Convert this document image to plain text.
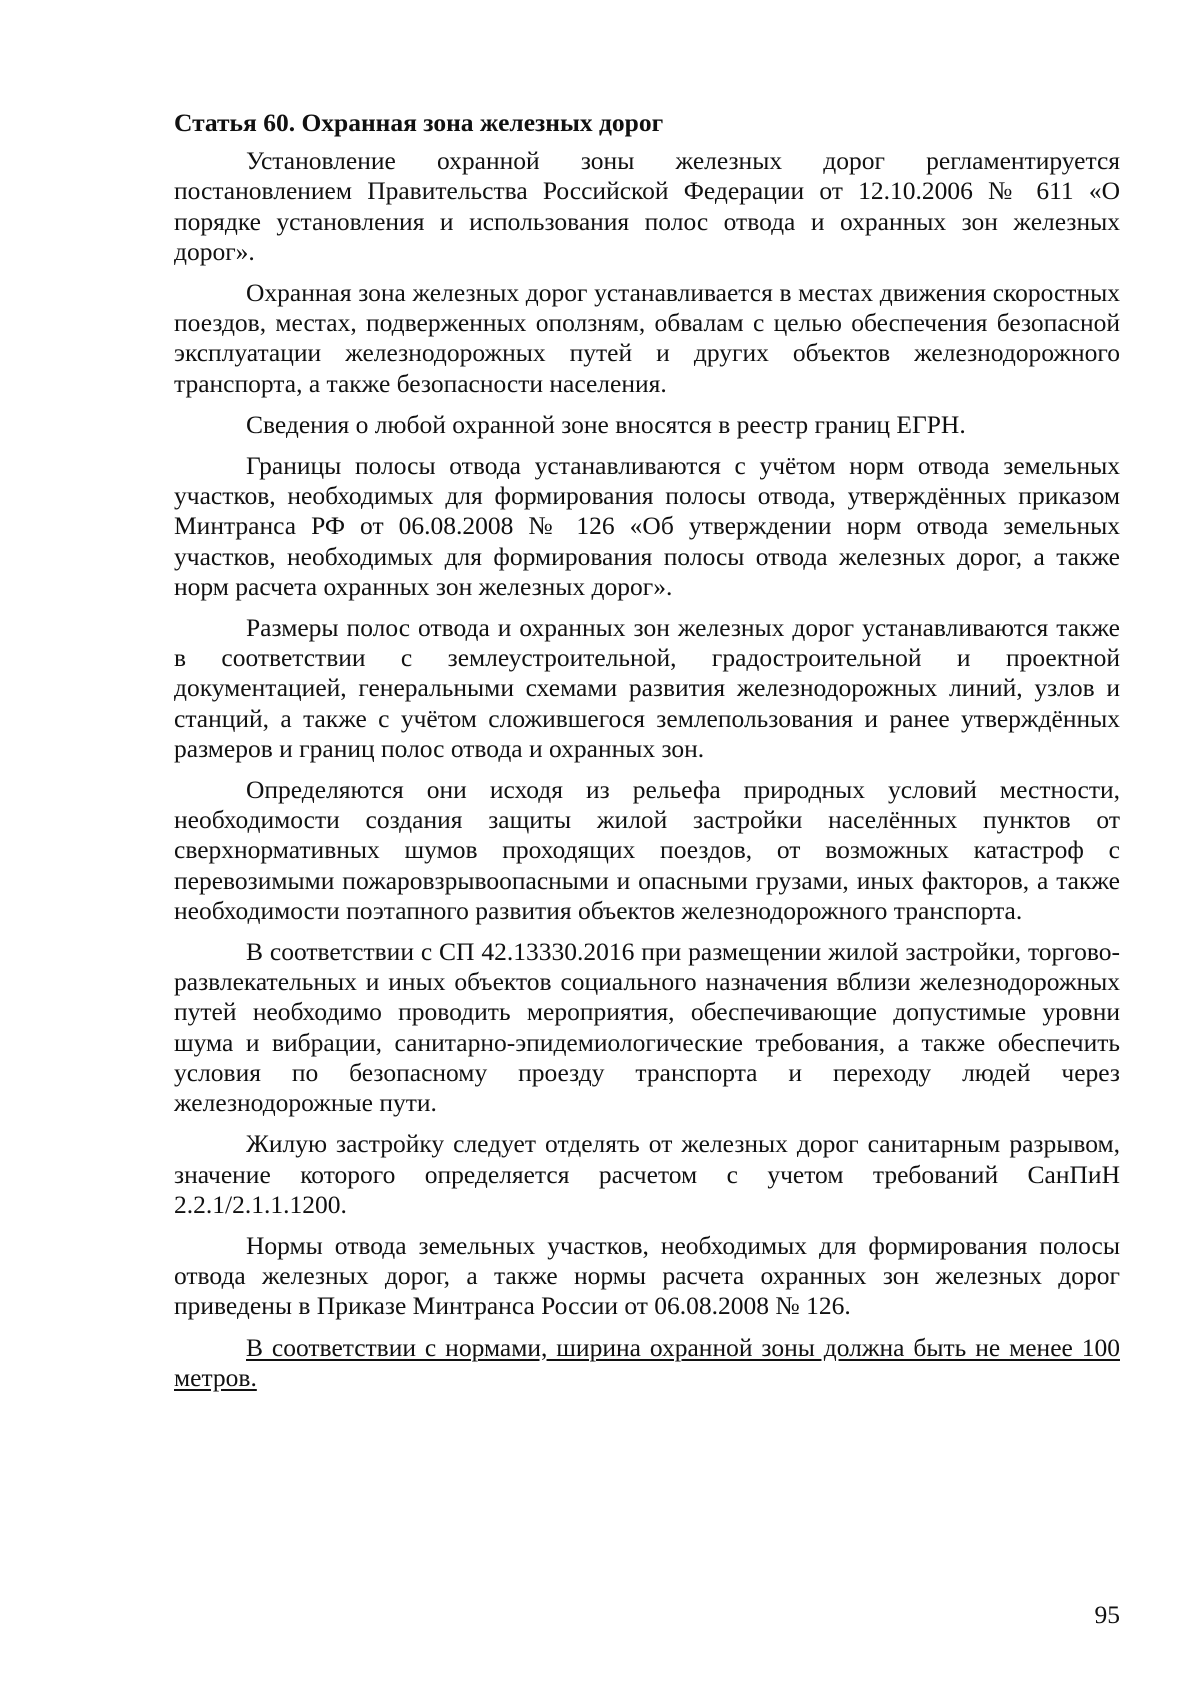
Статья 60. Охранная зона железных дорог

Установление охранной зоны железных дорог регламентируется постановлением Правительства Российской Федерации от 12.10.2006 № 611 «О порядке установления и использования полос отвода и охранных зон железных дорог».

Охранная зона железных дорог устанавливается в местах движения скоростных поездов, местах, подверженных оползням, обвалам с целью обеспечения безопасной эксплуатации железнодорожных путей и других объектов железнодорожного транспорта, а также безопасности населения.

Сведения о любой охранной зоне вносятся в реестр границ ЕГРН.

Границы полосы отвода устанавливаются с учётом норм отвода земельных участков, необходимых для формирования полосы отвода, утверждённых приказом Минтранса РФ от 06.08.2008 № 126 «Об утверждении норм отвода земельных участков, необходимых для формирования полосы отвода железных дорог, а также норм расчета охранных зон железных дорог».

Размеры полос отвода и охранных зон железных дорог устанавливаются также в соответствии с землеустроительной, градостроительной и проектной документацией, генеральными схемами развития железнодорожных линий, узлов и станций, а также с учётом сложившегося землепользования и ранее утверждённых размеров и границ полос отвода и охранных зон.

Определяются они исходя из рельефа природных условий местности, необходимости создания защиты жилой застройки населённых пунктов от сверхнормативных шумов проходящих поездов, от возможных катастроф с перевозимыми пожаровзрывоопасными и опасными грузами, иных факторов, а также необходимости поэтапного развития объектов железнодорожного транспорта.

В соответствии с СП 42.13330.2016 при размещении жилой застройки, торгово-развлекательных и иных объектов социального назначения вблизи железнодорожных путей необходимо проводить мероприятия, обеспечивающие допустимые уровни шума и вибрации, санитарно-эпидемиологические требования, а также обеспечить условия по безопасному проезду транспорта и переходу людей через железнодорожные пути.

Жилую застройку следует отделять от железных дорог санитарным разрывом, значение которого определяется расчетом с учетом требований СанПиН 2.2.1/2.1.1.1200.

Нормы отвода земельных участков, необходимых для формирования полосы отвода железных дорог, а также нормы расчета охранных зон железных дорог приведены в Приказе Минтранса России от 06.08.2008 № 126.

В соответствии с нормами, ширина охранной зоны должна быть не менее 100 метров.

95
